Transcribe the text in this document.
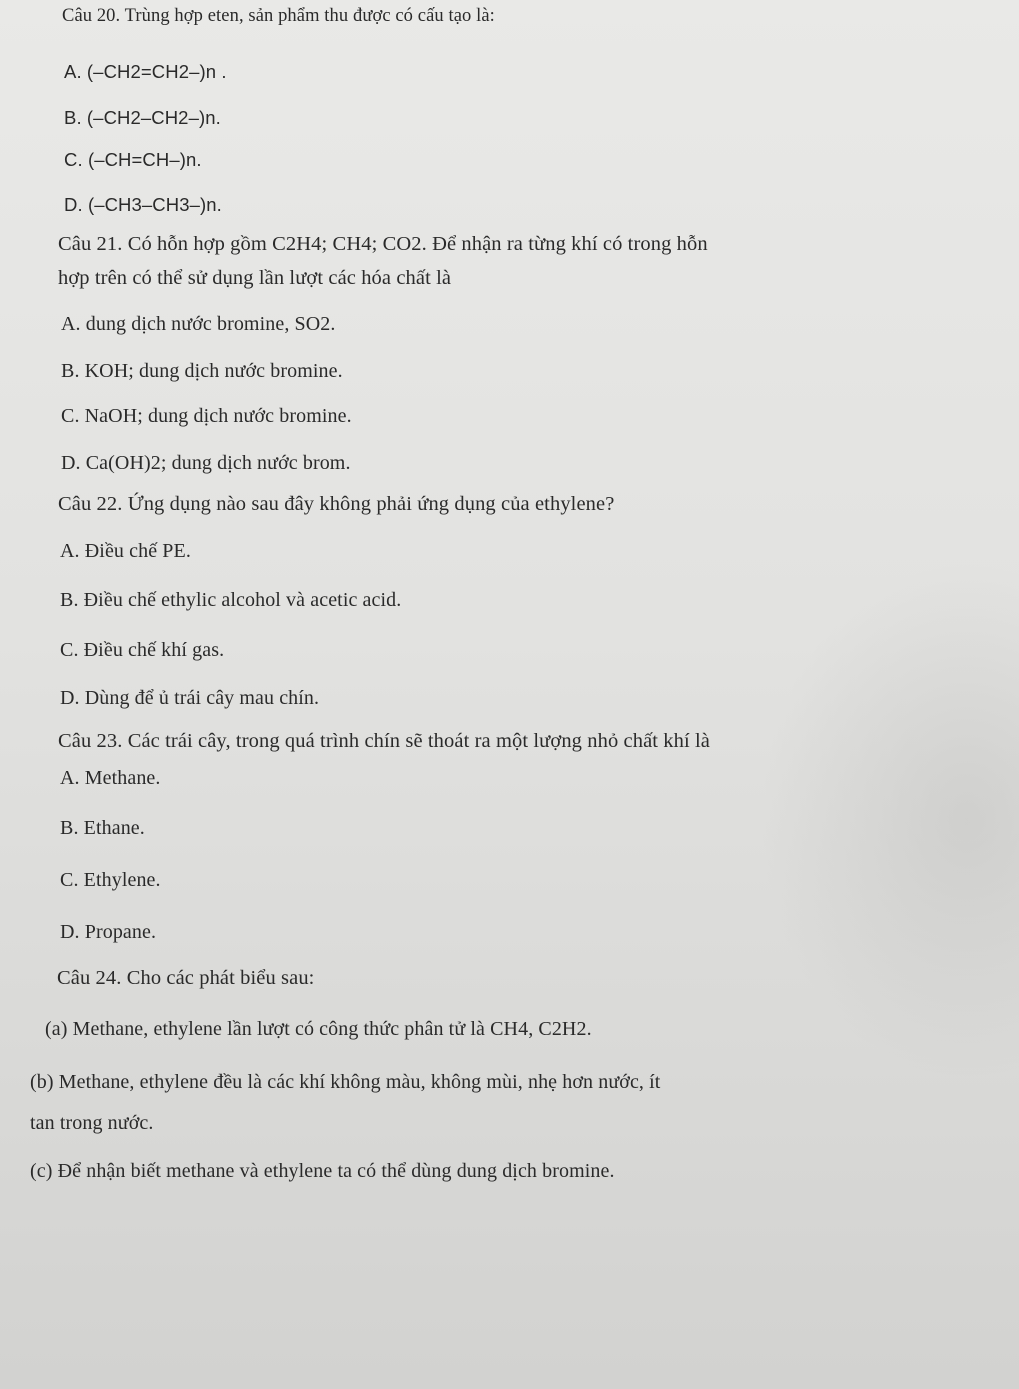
Câu 20. Trùng hợp eten, sản phẩm thu được có cấu tạo là:
A. (–CH2=CH2–)n .
B. (–CH2–CH2–)n.
C. (–CH=CH–)n.
D. (–CH3–CH3–)n.
Câu 21. Có hỗn hợp gồm C2H4; CH4; CO2. Để nhận ra từng khí có trong hỗn
hợp trên có thể sử dụng lần lượt các hóa chất là
A. dung dịch nước bromine, SO2.
B. KOH; dung dịch nước bromine.
C. NaOH; dung dịch nước bromine.
D. Ca(OH)2; dung dịch nước brom.
Câu 22. Ứng dụng nào sau đây không phải ứng dụng của ethylene?
A. Điều chế PE.
B. Điều chế ethylic alcohol và acetic acid.
C. Điều chế khí gas.
D. Dùng để ủ trái cây mau chín.
Câu 23. Các trái cây, trong quá trình chín sẽ thoát ra một lượng nhỏ chất khí là
A. Methane.
B. Ethane.
C. Ethylene.
D. Propane.
Câu 24. Cho các phát biểu sau:
(a) Methane, ethylene lần lượt có công thức phân tử là CH4, C2H2.
(b) Methane, ethylene đều là các khí không màu, không mùi, nhẹ hơn nước, ít
tan trong nước.
(c) Để nhận biết methane và ethylene ta có thể dùng dung dịch bromine.
